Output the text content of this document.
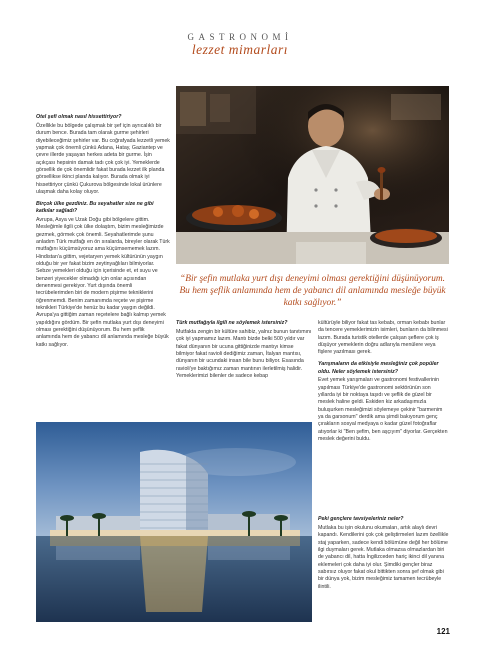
GASTRONOMİ
lezzet mimarları

Otel şefi olmak nasıl hissettiriyor?

Özellikle bu bölgede çalışmak bir şef için ayrıcalıklı bir durum bence. Burada tam olarak gurme şehirleri diyebileceğimiz şehirler var. Bu coğrafyada lezzetli yemek yapmak çok önemli çünkü Adana, Hatay, Gaziantep ve çevre illerde yaşayan herkes adeta bir gurme. İşin açıkçası hepsinin damak tadı çok çok iyi. Yemeklerde görsellik de çok önemlidir fakat burada lezzet ilk planda görsellikse ikinci planda kalıyor. Burada olmak iyi hissettiriyor çünkü Çukurova bölgesinde lokal ürünlere ulaşmak daha kolay oluyor.

Birçok ülke gezdiniz. Bu seyahatler size ne gibi katkılar sağladı?

Avrupa, Asya ve Uzak Doğu gibi bölgelere gittim. Mesleğimle ilgili çok ülke dolaştım, bizim mesleğimizde gezmek, görmek çok önemli. Seyahatlerimde şunu anladım Türk mutfağı en ön sıralarda, bireyler olarak Türk mutfağını küçümsüyoruz ama küçümsememek lazım. Hindistan'a gittim, vejetaryen yemek kültürünün yaygın olduğu bir yer fakat bizim zeytinyağlıları bilmiyorlar. Sebze yemekleri olduğu için içerisinde et, et suyu ve benzeri yiyecekler olmadığı için onlar açısından denenmesi gerekiyor. Yurt dışında önemli tecrübelerimden biri de modern pişirme tekniklerini öğrenmemdi. Benim zamanımda reçete ve pişirme teknikleri Türkiye'de henüz bu kadar yaygın değildi. Avrupa'ya gittiğim zaman reçetelere bağlı kalmıp yemek yapıldığını gördüm. Bir şefin mutlaka yurt dışı deneyimi olması gerektiğini düşünüyorum. Bu hem şeflik anlamında hem de yabancı dil anlamında mesleğe büyük katkı sağlıyor.

“Bir şefin mutlaka yurt dışı deneyimi olması gerektiğini düşünüyorum. Bu hem şeflik anlamında hem de yabancı dil anlamında mesleğe büyük katkı sağlıyor.”

Türk mutfağıyla ilgili ne söylemek istersiniz?

Mutfakta zengin bir kültüre sahibiz, yalnız bunun tanıtımını çok iyi yapmamız lazım. Mantı bizde belki 500 yıldır var fakat dünyanın bir ucuna gittiğinizde mantıyı kimse bilmiyor fakat ravioli dediğimiz zaman, İtalyan mantısı, dünyanın bir ucundaki insan bile bunu biliyor. Esasında ravioli'ye baktığımız zaman mantının ilerletilmiş halidir. Yemeklerimizi bilenler de sadece kebap

kültürüyle biliyor fakat tas kebabı, orman kebabı bunlar da tencere yemeklerimizin isimleri, bunların da bilinmesi lazım. Burada turistik otellerde çalışan şeflere çok iş düşüyor yemeklerin doğru adlarıyla menülere veya fişlere yazılması gerek.

Yarışmaların da etkisiyle mesleğiniz çok popüler oldu. Neler söylemek istersiniz?

Evet yemek yarışmaları ve gastronomi festivallerinin yapılması Türkiye'de gastronomi sektörünün son yıllarda iyi bir noktaya taşıdı ve şeflik de güzel bir meslek haline geldi. Eskiden kiz arkadaşımızla buluşurken mesleğimizi söylemeye çekinir "barmenim ya da garsonum" derdik ama şimdi bakıyorum genç çırakların sosyal medyaya o kadar güzel fotoğraflar atıyorlar ki "Ben şefim, ben aşçıyım" diyorlar. Gerçekten meslek değerini buldu.

Peki gençlere tavsiyeleriniz neler?

Mutlaka bu işin okulunu okumaları, artık alaylı devri kapandı. Kendilerini çok çok geliştirmeleri lazım özellikle staj yaparken, sadece kendi bölümüne değil her bölüme ilgi duymaları gerek. Mutlaka olmazsa olmazlardan biri de yabancı dil, hatta İngilizceden hariç ikinci dil yanına eklemeleri çok daha iyi olur. Şimdiki gençler biraz sabırsız oluyor fakat okul bittikten sonra şef olmak gibi bir dünya yok, bizim mesleğimiz tamamen tecrübeyle ilintili.

121
